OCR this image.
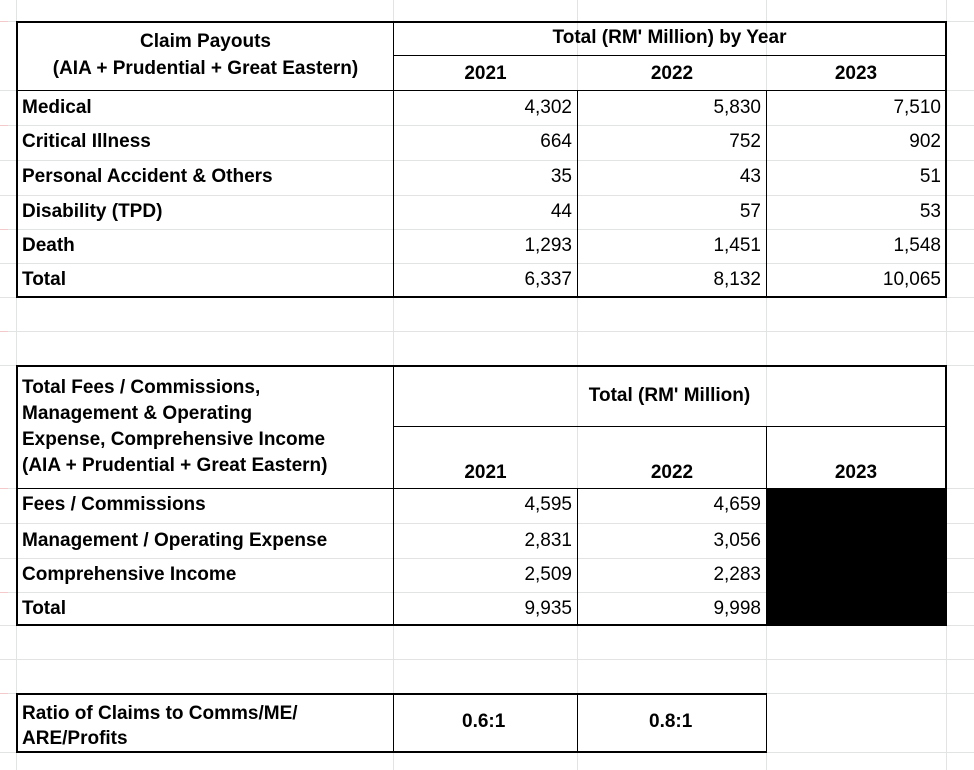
Claim Payouts
(AIA + Prudential + Great Eastern)
Total (RM' Million) by Year
2021	2022	2023
Medical	4,302	5,830	7,510
Critical Illness	664	752	902
Personal Accident & Others	35	43	51
Disability (TPD)	44	57	53
Death	1,293	1,451	1,548
Total	6,337	8,132	10,065
Total Fees / Commissions,
Management & Operating
Expense, Comprehensive Income
(AIA + Prudential + Great Eastern)
Total (RM' Million)
2021	2022	2023
Fees / Commissions	4,595	4,659
Management / Operating Expense	2,831	3,056
Comprehensive Income	2,509	2,283
Total	9,935	9,998
Ratio of Claims to Comms/ME/
ARE/Profits
0.6:1	0.8:1
